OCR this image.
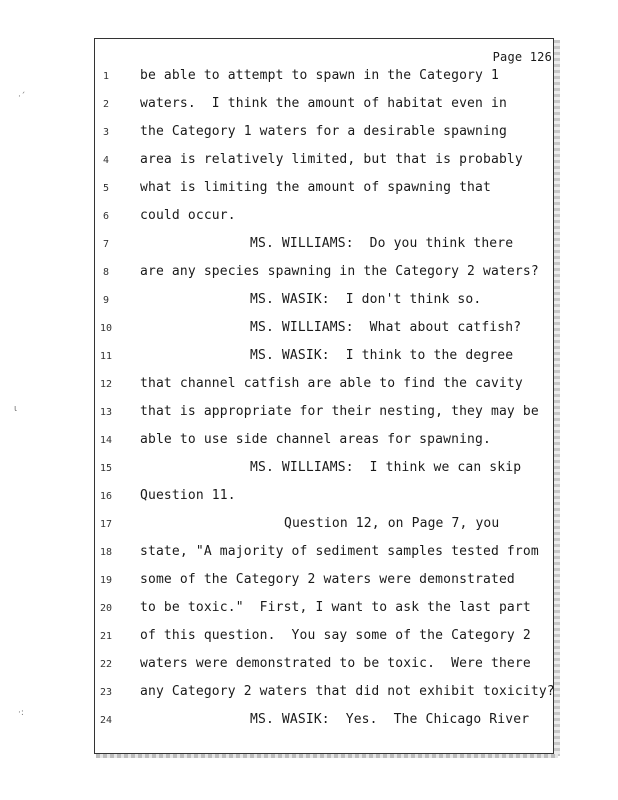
·´
ι
·:
Page 126
1	be able to attempt to spawn in the Category 1
2	waters.  I think the amount of habitat even in
3	the Category 1 waters for a desirable spawning
4	area is relatively limited, but that is probably
5	what is limiting the amount of spawning that
6	could occur.
7	MS. WILLIAMS:  Do you think there
8	are any species spawning in the Category 2 waters?
9	MS. WASIK:  I don't think so.
10	MS. WILLIAMS:  What about catfish?
11	MS. WASIK:  I think to the degree
12	that channel catfish are able to find the cavity
13	that is appropriate for their nesting, they may be
14	able to use side channel areas for spawning.
15	MS. WILLIAMS:  I think we can skip
16	Question 11.
17	Question 12, on Page 7, you
18	state, "A majority of sediment samples tested from
19	some of the Category 2 waters were demonstrated
20	to be toxic."  First, I want to ask the last part
21	of this question.  You say some of the Category 2
22	waters were demonstrated to be toxic.  Were there
23	any Category 2 waters that did not exhibit toxicity?
24	MS. WASIK:  Yes.  The Chicago River
